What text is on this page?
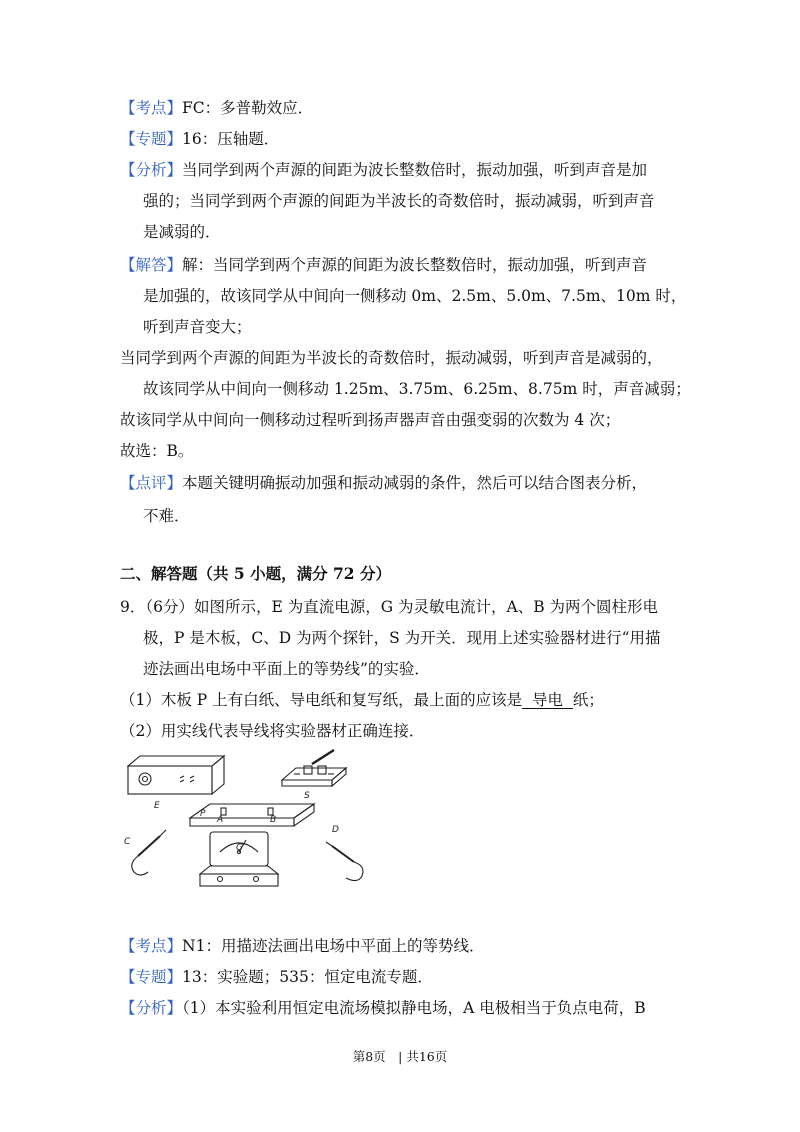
【考点】FC：多普勒效应．
【专题】16：压轴题．
【分析】当同学到两个声源的间距为波长整数倍时，振动加强，听到声音是加
强的；当同学到两个声源的间距为半波长的奇数倍时，振动减弱，听到声音
是减弱的．
【解答】解：当同学到两个声源的间距为波长整数倍时，振动加强，听到声音
是加强的，故该同学从中间向一侧移动 0m、2.5m、5.0m、7.5m、10m 时，
听到声音变大；
当同学到两个声源的间距为半波长的奇数倍时，振动减弱，听到声音是减弱的，
故该同学从中间向一侧移动 1.25m、3.75m、6.25m、8.75m 时，声音减弱；
故该同学从中间向一侧移动过程听到扬声器声音由强变弱的次数为 4 次；
故选：B。
【点评】本题关键明确振动加强和振动减弱的条件，然后可以结合图表分析，
不难．
二、解答题（共 5 小题，满分 72 分）
9．（6分）如图所示，E 为直流电源，G 为灵敏电流计，A、B 为两个圆柱形电
极，P 是木板，C、D 为两个探针，S 为开关．现用上述实验器材进行“用描
迹法画出电场中平面上的等势线”的实验．
（1）木板 P 上有白纸、导电纸和复写纸，最上面的应该是 导电 纸；
（2）用实线代表导线将实验器材正确连接．
E
S
P
A	B
C
D
G
【考点】N1：用描迹法画出电场中平面上的等势线．
【专题】13：实验题；535：恒定电流专题．
【分析】（1）本实验利用恒定电流场模拟静电场，A 电极相当于负点电荷，B
第8页　| 共16页
